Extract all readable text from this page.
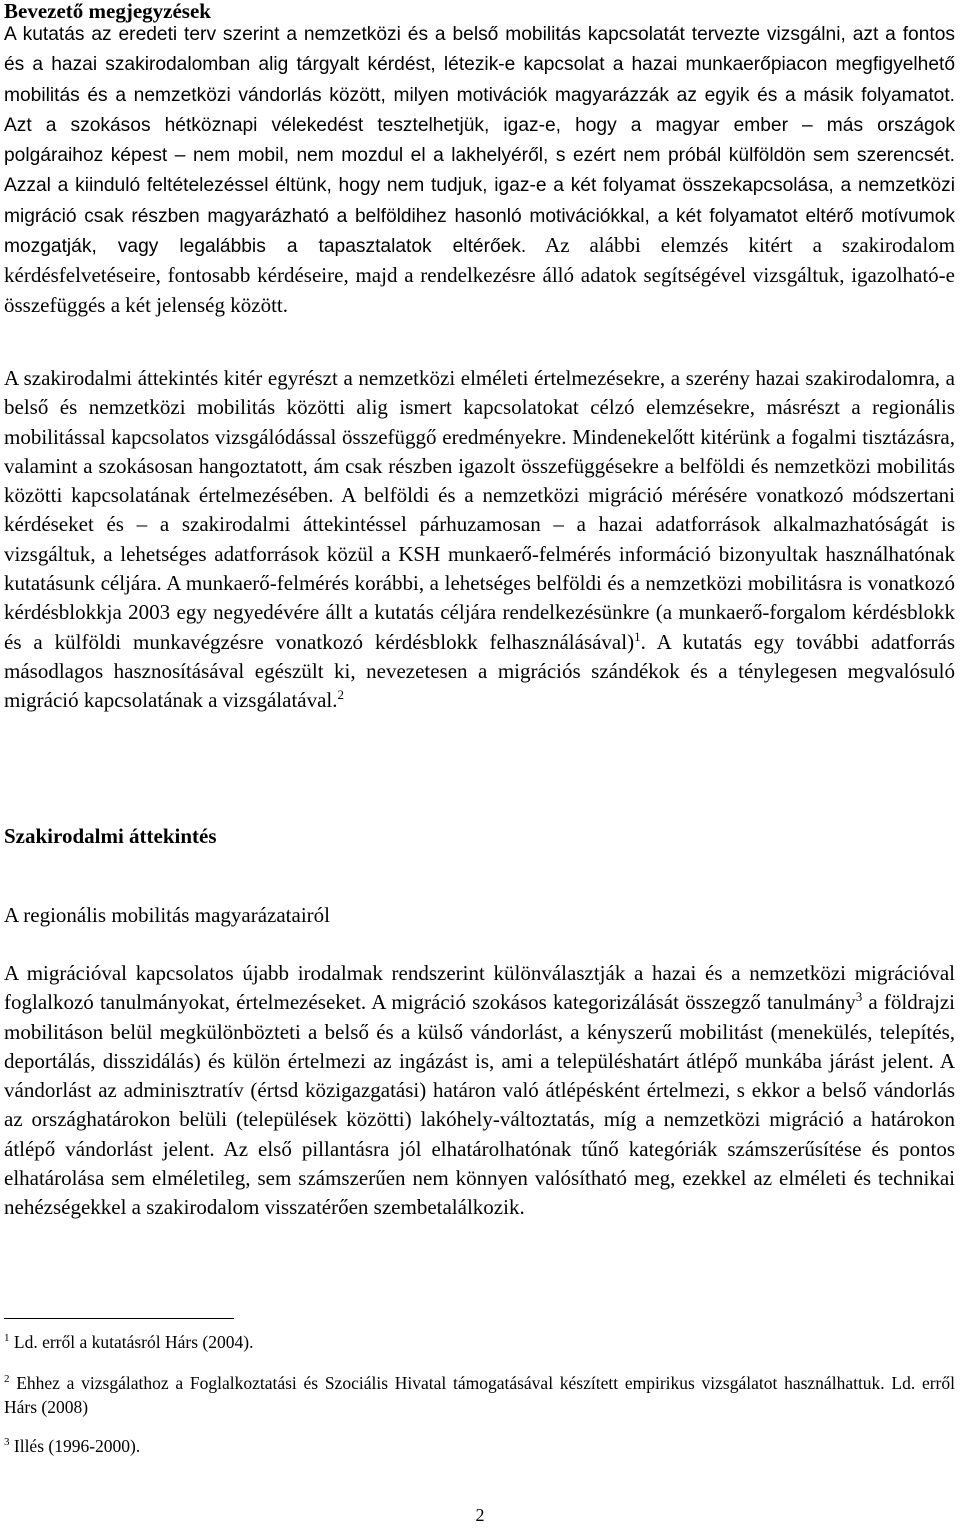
Bevezető megjegyzések

A kutatás az eredeti terv szerint a nemzetközi és a belső mobilitás kapcsolatát tervezte vizsgálni, azt a fontos és a hazai szakirodalomban alig tárgyalt kérdést, létezik-e kapcsolat a hazai munkaerőpiacon megfigyelhető mobilitás és a nemzetközi vándorlás között, milyen motivációk magyarázzák az egyik és a másik folyamatot. Azt a szokásos hétköznapi vélekedést tesztelhetjük, igaz-e, hogy a magyar ember – más országok polgáraihoz képest – nem mobil, nem mozdul el a lakhelyéről, s ezért nem próbál külföldön sem szerencsét. Azzal a kiinduló feltételezéssel éltünk, hogy nem tudjuk, igaz-e a két folyamat összekapcsolása, a nemzetközi migráció csak részben magyarázható a belföldihez hasonló motivációkkal, a két folyamatot eltérő motívumok mozgatják, vagy legalábbis a tapasztalatok eltérőek. Az alábbi elemzés kitért a szakirodalom kérdésfelvetéseire, fontosabb kérdéseire, majd a rendelkezésre álló adatok segítségével vizsgáltuk, igazolható-e összefüggés a két jelenség között.

A szakirodalmi áttekintés kitér egyrészt a nemzetközi elméleti értelmezésekre, a szerény hazai szakirodalomra, a belső és nemzetközi mobilitás közötti alig ismert kapcsolatokat célzó elemzésekre, másrészt a regionális mobilitással kapcsolatos vizsgálódással összefüggő eredményekre. Mindenekelőtt kitérünk a fogalmi tisztázásra, valamint a szokásosan hangoztatott, ám csak részben igazolt összefüggésekre a belföldi és nemzetközi mobilitás közötti kapcsolatának értelmezésében. A belföldi és a nemzetközi migráció mérésére vonatkozó módszertani kérdéseket és – a szakirodalmi áttekintéssel párhuzamosan – a hazai adatforrások alkalmazhatóságát is vizsgáltuk, a lehetséges adatforrások közül a KSH munkaerő-felmérés információ bizonyultak használhatónak kutatásunk céljára. A munkaerő-felmérés korábbi, a lehetséges belföldi és a nemzetközi mobilitásra is vonatkozó kérdésblokkja 2003 egy negyedévére állt a kutatás céljára rendelkezésünkre (a munkaerő-forgalom kérdésblokk és a külföldi munkavégzésre vonatkozó kérdésblokk felhasználásával)$^1$. A kutatás egy további adatforrás másodlagos hasznosításával egészült ki, nevezetesen a migrációs szándékok és a ténylegesen megvalósuló migráció kapcsolatának a vizsgálatával.$^2$

Szakirodalmi áttekintés
A regionális mobilitás magyarázatairól

A migrációval kapcsolatos újabb irodalmak rendszerint különválasztják a hazai és a nemzetközi migrációval foglalkozó tanulmányokat, értelmezéseket. A migráció szokásos kategorizálását összegző tanulmány$^3$ a földrajzi mobilitáson belül megkülönbözteti a belső és a külső vándorlást, a kényszerű mobilitást (menekülés, telepítés, deportálás, disszidálás) és külön értelmezi az ingázást is, ami a településhatárt átlépő munkába járást jelent. A vándorlást az adminisztratív (értsd közigazgatási) határon való átlépésként értelmezi, s ekkor a belső vándorlás az országhatárokon belüli (települések közötti) lakóhely-változtatás, míg a nemzetközi migráció a határokon átlépő vándorlást jelent. Az első pillantásra jól elhatárolhatónak tűnő kategóriák számszerűsítése és pontos elhatárolása sem elméletileg, sem számszerűen nem könnyen valósítható meg, ezekkel az elméleti és technikai nehézségekkel a szakirodalom visszatérően szembetalálkozik.

$^1$ Ld. erről a kutatásról Hárs (2004).
$^2$ Ehhez a vizsgálathoz a Foglalkoztatási és Szociális Hivatal támogatásával készített empirikus vizsgálatot használhattuk. Ld. erről Hárs (2008)
$^3$ Illés (1996-2000).
2
